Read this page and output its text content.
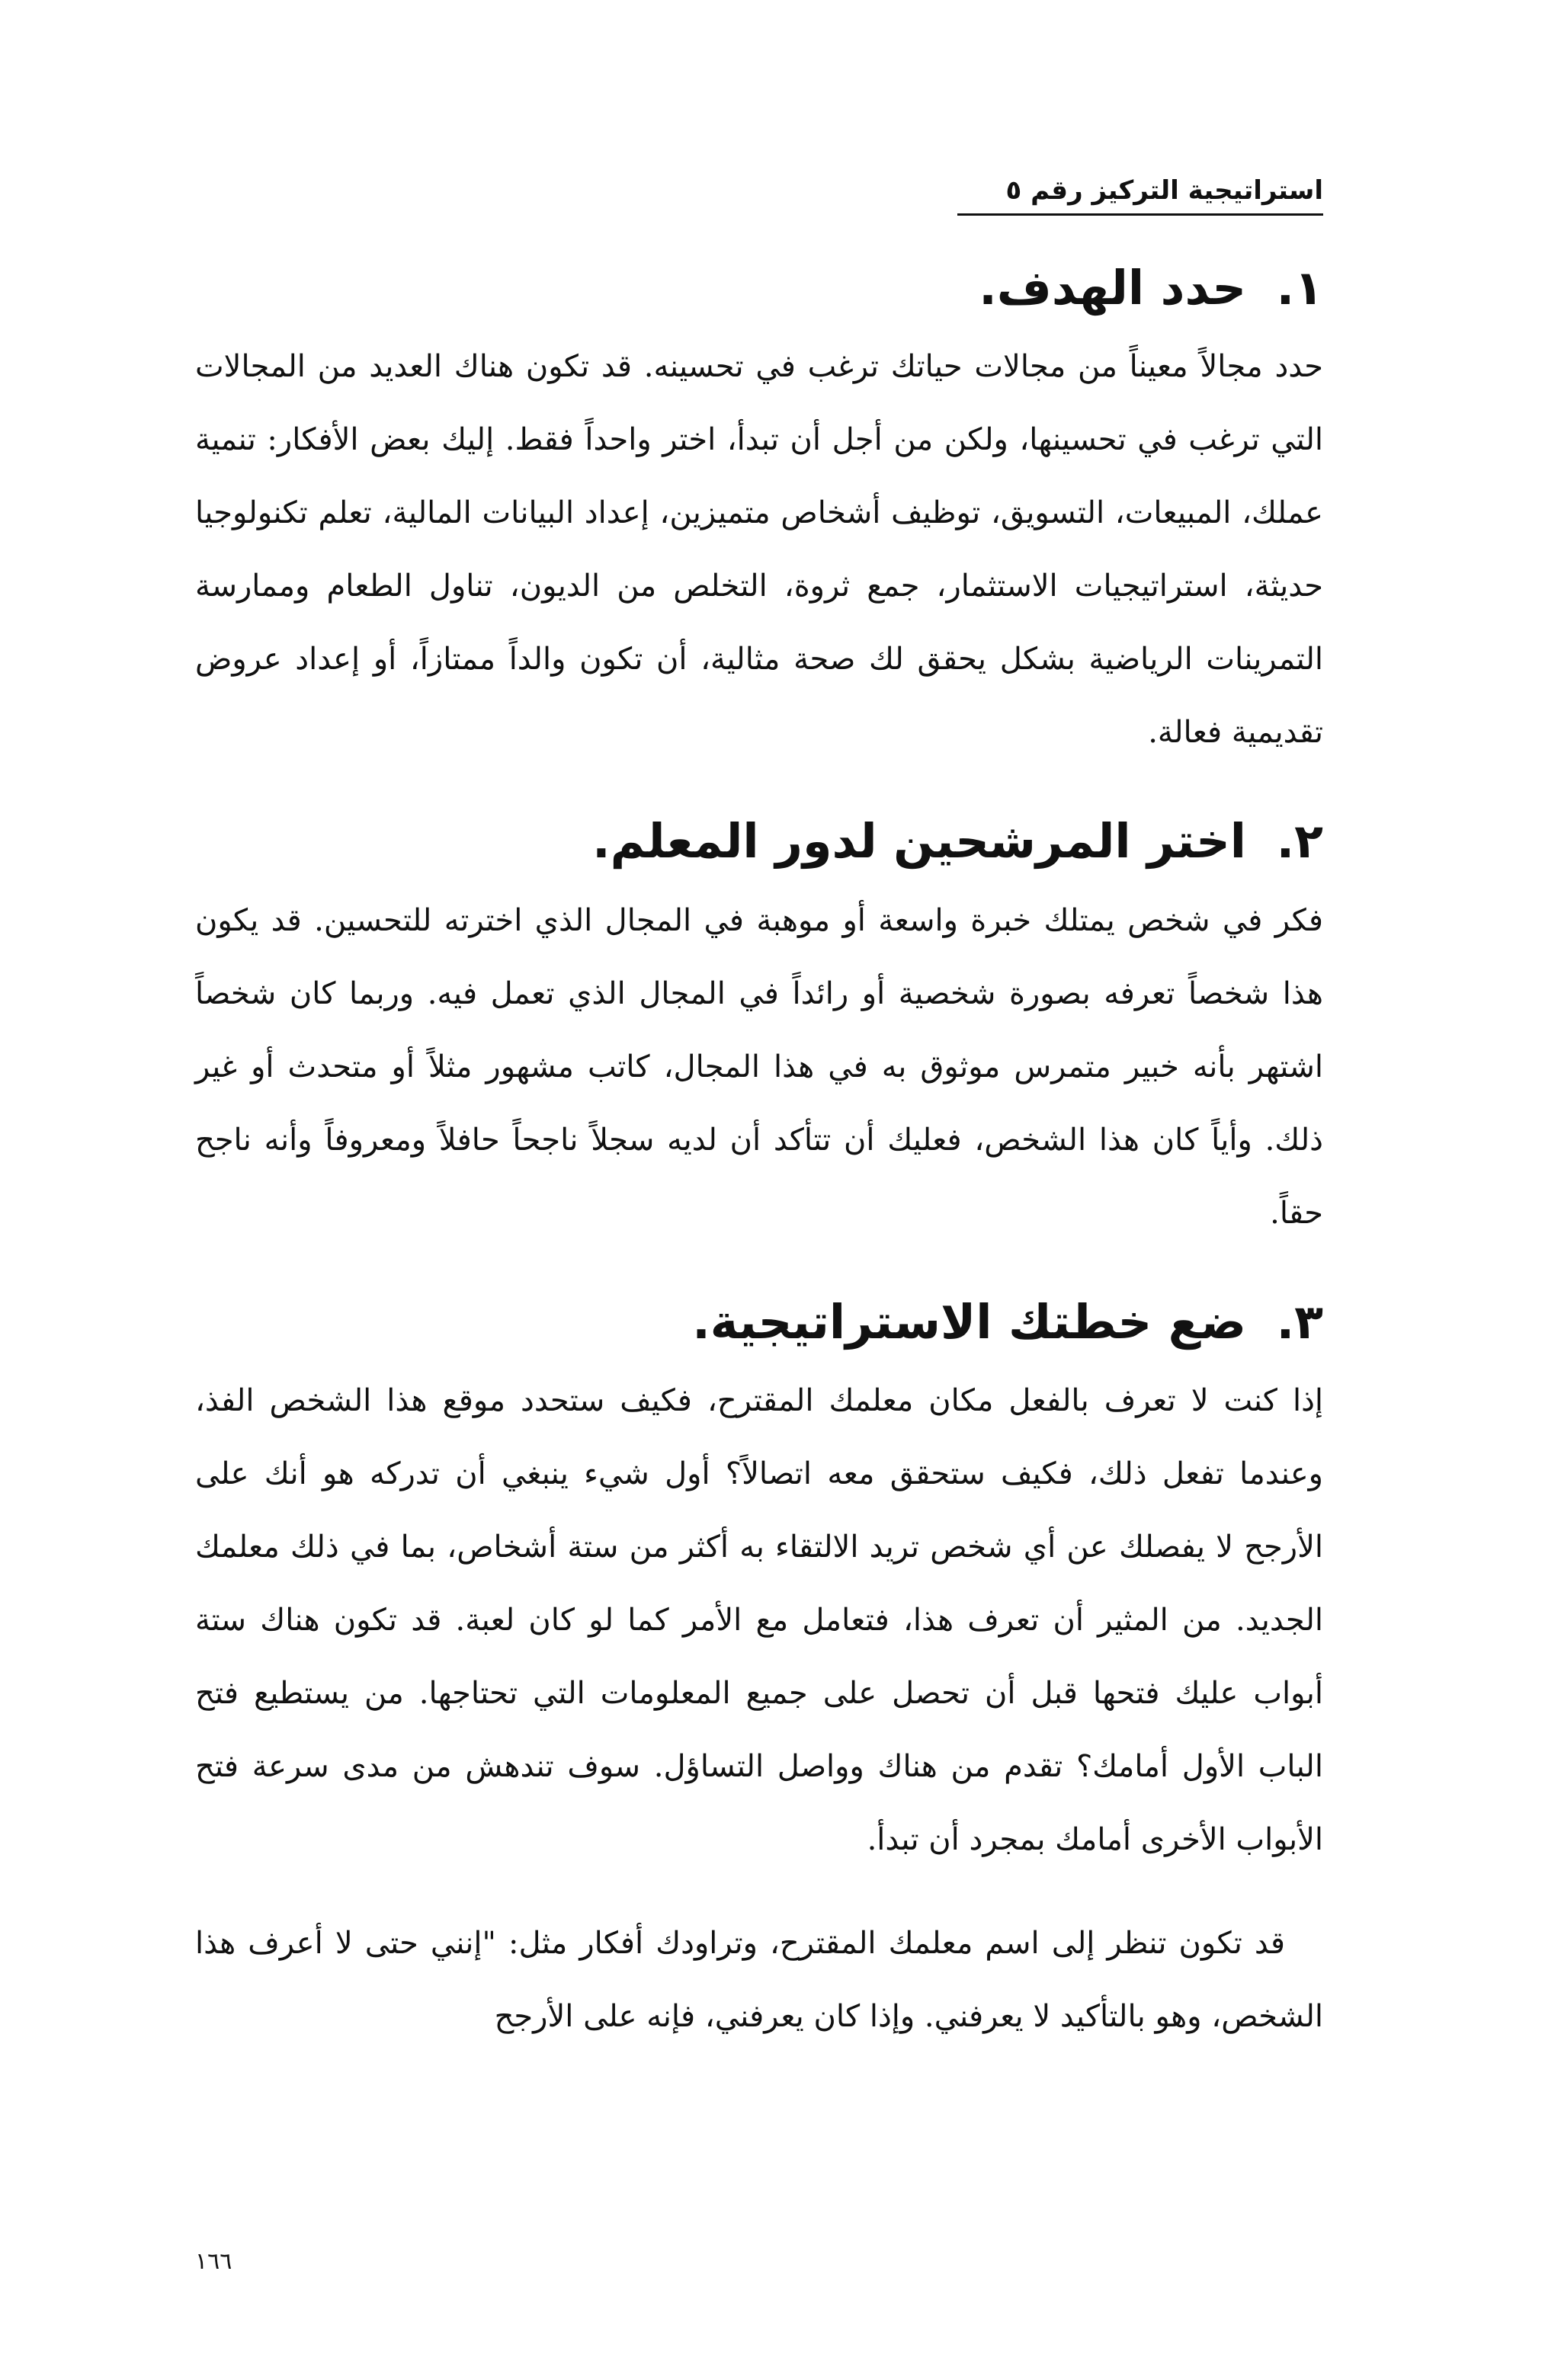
استراتيجية التركيز رقم ٥
١. حدد الهدف.

حدد مجالاً معيناً من مجالات حياتك ترغب في تحسينه. قد تكون هناك العديد من المجالات التي ترغب في تحسينها، ولكن من أجل أن تبدأ، اختر واحداً فقط. إليك بعض الأفكار: تنمية عملك، المبيعات، التسويق، توظيف أشخاص متميزين، إعداد البيانات المالية، تعلم تكنولوجيا حديثة، استراتيجيات الاستثمار، جمع ثروة، التخلص من الديون، تناول الطعام وممارسة التمرينات الرياضية بشكل يحقق لك صحة مثالية، أن تكون والداً ممتازاً، أو إعداد عروض تقديمية فعالة.

٢. اختر المرشحين لدور المعلم.

فكر في شخص يمتلك خبرة واسعة أو موهبة في المجال الذي اخترته للتحسين. قد يكون هذا شخصاً تعرفه بصورة شخصية أو رائداً في المجال الذي تعمل فيه. وربما كان شخصاً اشتهر بأنه خبير متمرس موثوق به في هذا المجال، كاتب مشهور مثلاً أو متحدث أو غير ذلك. وأياً كان هذا الشخص، فعليك أن تتأكد أن لديه سجلاً ناجحاً حافلاً ومعروفاً وأنه ناجح حقاً.

٣. ضع خطتك الاستراتيجية.

إذا كنت لا تعرف بالفعل مكان معلمك المقترح، فكيف ستحدد موقع هذا الشخص الفذ، وعندما تفعل ذلك، فكيف ستحقق معه اتصالاً؟ أول شيء ينبغي أن تدركه هو أنك على الأرجح لا يفصلك عن أي شخص تريد الالتقاء به أكثر من ستة أشخاص، بما في ذلك معلمك الجديد. من المثير أن تعرف هذا، فتعامل مع الأمر كما لو كان لعبة. قد تكون هناك ستة أبواب عليك فتحها قبل أن تحصل على جميع المعلومات التي تحتاجها. من يستطيع فتح الباب الأول أمامك؟ تقدم من هناك وواصل التساؤل. سوف تندهش من مدى سرعة فتح الأبواب الأخرى أمامك بمجرد أن تبدأ.

قد تكون تنظر إلى اسم معلمك المقترح، وتراودك أفكار مثل: "إنني حتى لا أعرف هذا الشخص، وهو بالتأكيد لا يعرفني. وإذا كان يعرفني، فإنه على الأرجح

١٦٦
